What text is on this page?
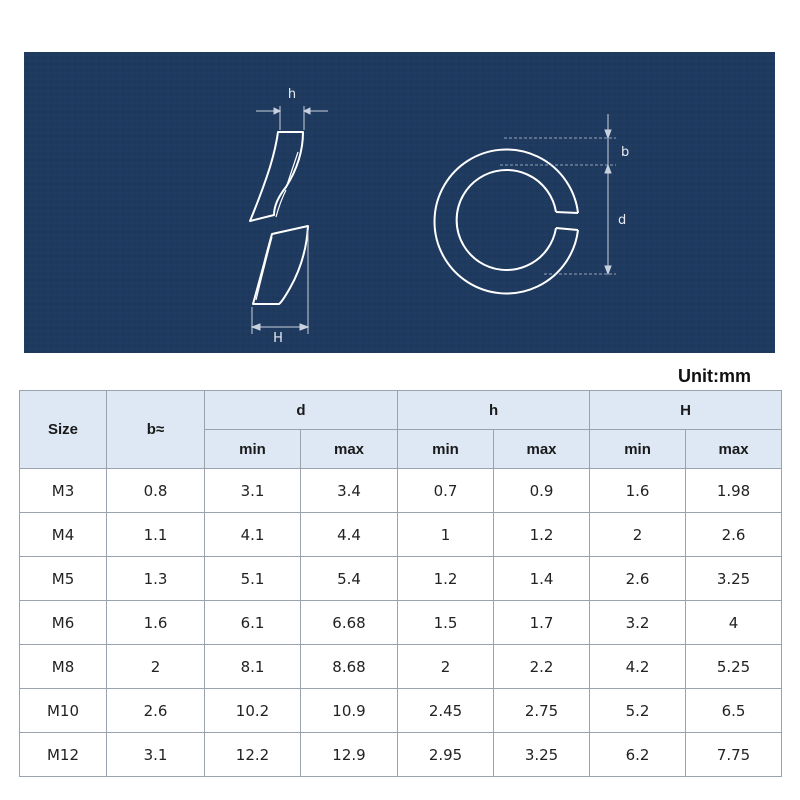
h
H
b
d
Unit:mm
Size	b≈	d		h		H	
		min	max	min	max	min	max
M3	0.8	3.1	3.4	0.7	0.9	1.6	1.98
M4	1.1	4.1	4.4	1	1.2	2	2.6
M5	1.3	5.1	5.4	1.2	1.4	2.6	3.25
M6	1.6	6.1	6.68	1.5	1.7	3.2	4
M8	2	8.1	8.68	2	2.2	4.2	5.25
M10	2.6	10.2	10.9	2.45	2.75	5.2	6.5
M12	3.1	12.2	12.9	2.95	3.25	6.2	7.75
